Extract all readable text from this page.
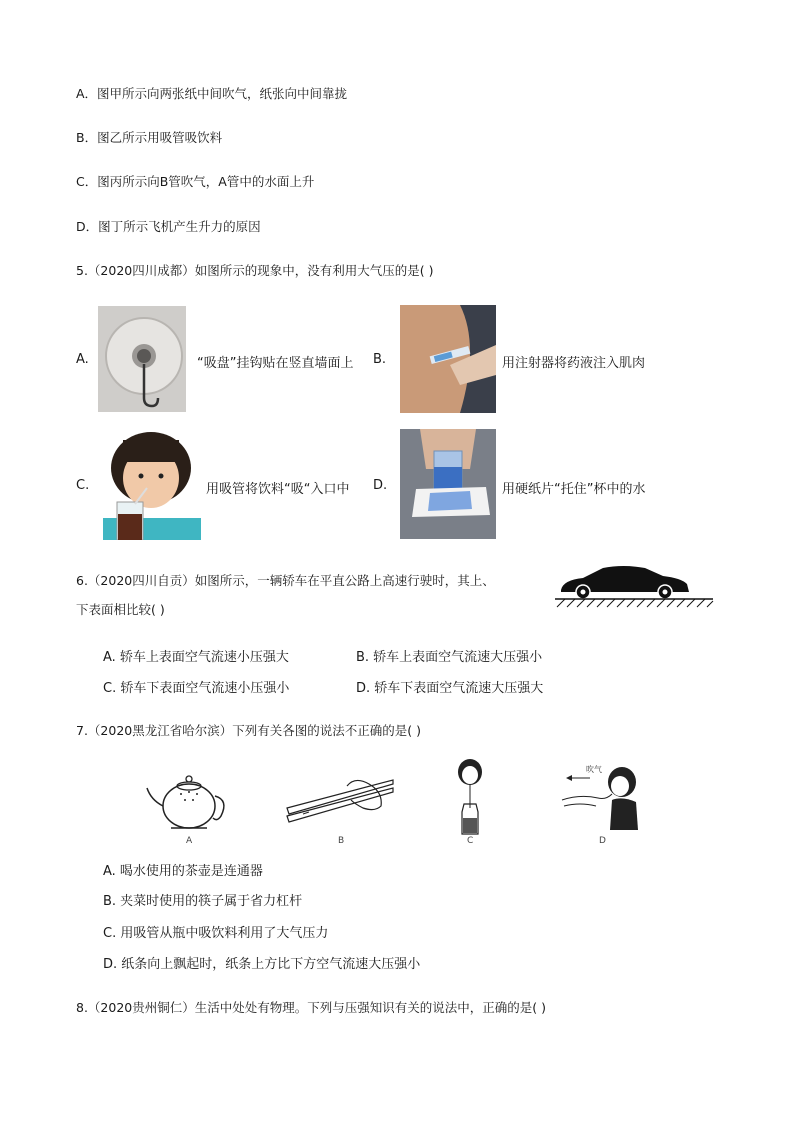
A．图甲所示向两张纸中间吹气，纸张向中间靠拢
B．图乙所示用吸管吸饮料
C．图丙所示向B管吹气，A管中的水面上升
D．图丁所示飞机产生升力的原因
5.（2020四川成都）如图所示的现象中，没有利用大气压的是( )
A.	“吸盘”挂钩贴在竖直墙面上 B.	用注射器将药液注入肌肉
C.	用吸管将饮料“吸“入口中 D.	用硬纸片“托住”杯中的水
6.（2020四川自贡）如图所示，一辆轿车在平直公路上高速行驶时，其上、
下表面相比较( )
A. 轿车上表面空气流速小压强大	B. 轿车上表面空气流速大压强小
C. 轿车下表面空气流速小压强小	D. 轿车下表面空气流速大压强大
7.（2020黑龙江省哈尔滨）下列有关各图的说法不正确的是( )
A	B	C
吹气
D
A. 喝水使用的茶壶是连通器
B. 夹菜时使用的筷子属于省力杠杆
C. 用吸管从瓶中吸饮料利用了大气压力
D. 纸条向上飘起时，纸条上方比下方空气流速大压强小
8.（2020贵州铜仁）生活中处处有物理。下列与压强知识有关的说法中，正确的是( )
